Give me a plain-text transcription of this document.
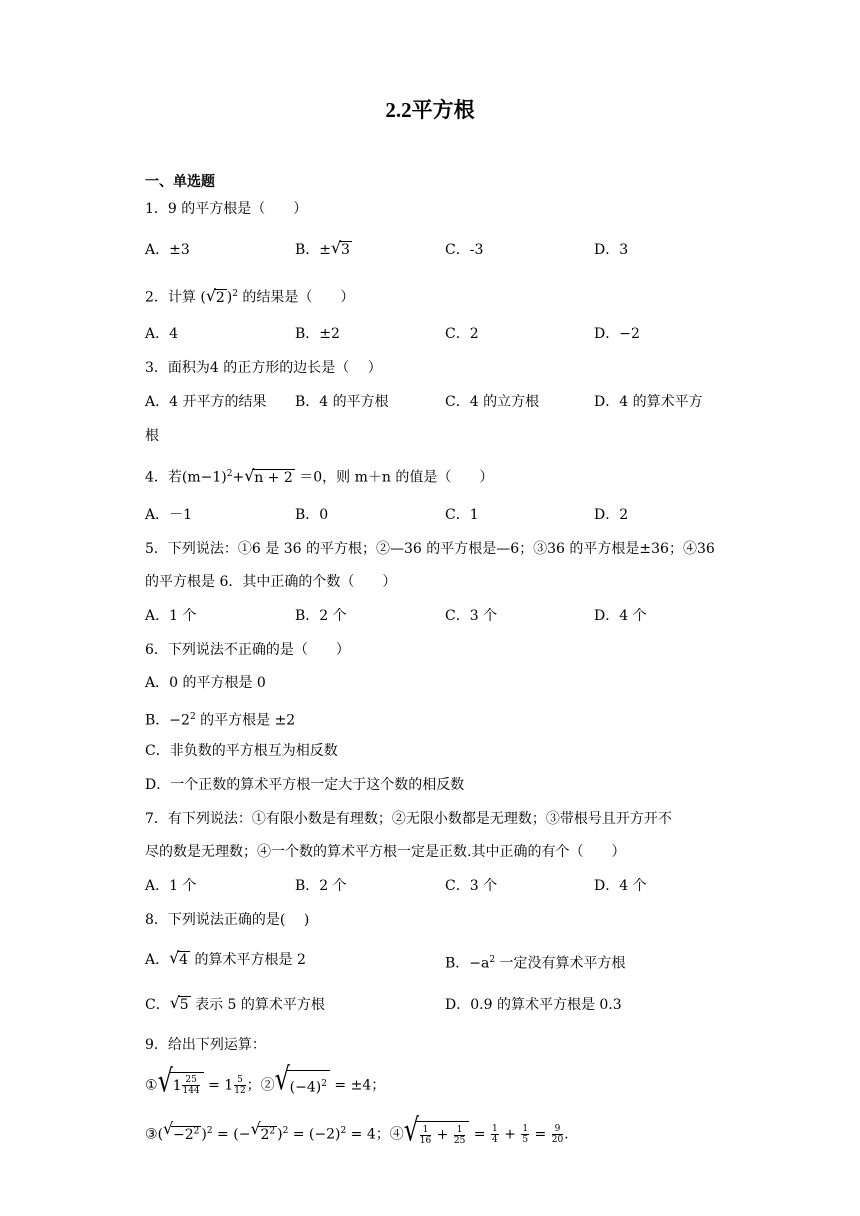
2.2平方根
一、单选题
1．9 的平方根是（　　）
A．±3	B．±√ 3	C．-3	D．3
2．计算 (√ 2 )$^2$ 的结果是（　　）
A．4	B．±2	C．2	D．−2
3．面积为4 的正方形的边长是（　 ）
A．4 开平方的结果 B．4 的平方根	C．4 的立方根	D．4 的算术平方
根
4．若$(m-1)^2+√$ n + 2 ＝0，则 m＋n 的值是（　　）
A．－1	B．0	C．1	D．2
5．下列说法：①6 是 36 的平方根；②—36 的平方根是—6；③36 的平方根是±36；④36
的平方根是 6．其中正确的个数（　　）
A．1 个	B．2 个	C．3 个	D．4 个
6．下列说法不正确的是（　　）
A．0 的平方根是 0
B．$-2^2$ 的平方根是 ±2
C．非负数的平方根互为相反数
D．一个正数的算术平方根一定大于这个数的相反数
7．有下列说法：①有限小数是有理数；②无限小数都是无理数；③带根号且开方开不
尽的数是无理数；④一个数的算术平方根一定是正数.其中正确的有个（　　）
A．1 个	B．2 个	C．3 个	D．4 个
8．下列说法正确的是(　 )
A．√ 4 的算术平方根是 2	B．$-a^2$ 一定没有算术平方根
C．√ 5 表示 5 的算术平方根	D．0.9 的算术平方根是 0.3
9．给出下列运算：
①√ $1 \frac{25}{144} = 1 \frac{5}{12}$ ；②√ $(-4)^2 = \pm 4$；
③(√ $-2^2$ )$^2$ = (−√ $2^2$ )$^2 = (-2)^2 = 4$；④
√ $\frac{1}{16} + \frac{1}{25} = \frac{1}{4} + \frac{1}{5} = \frac{9}{20}$ .
